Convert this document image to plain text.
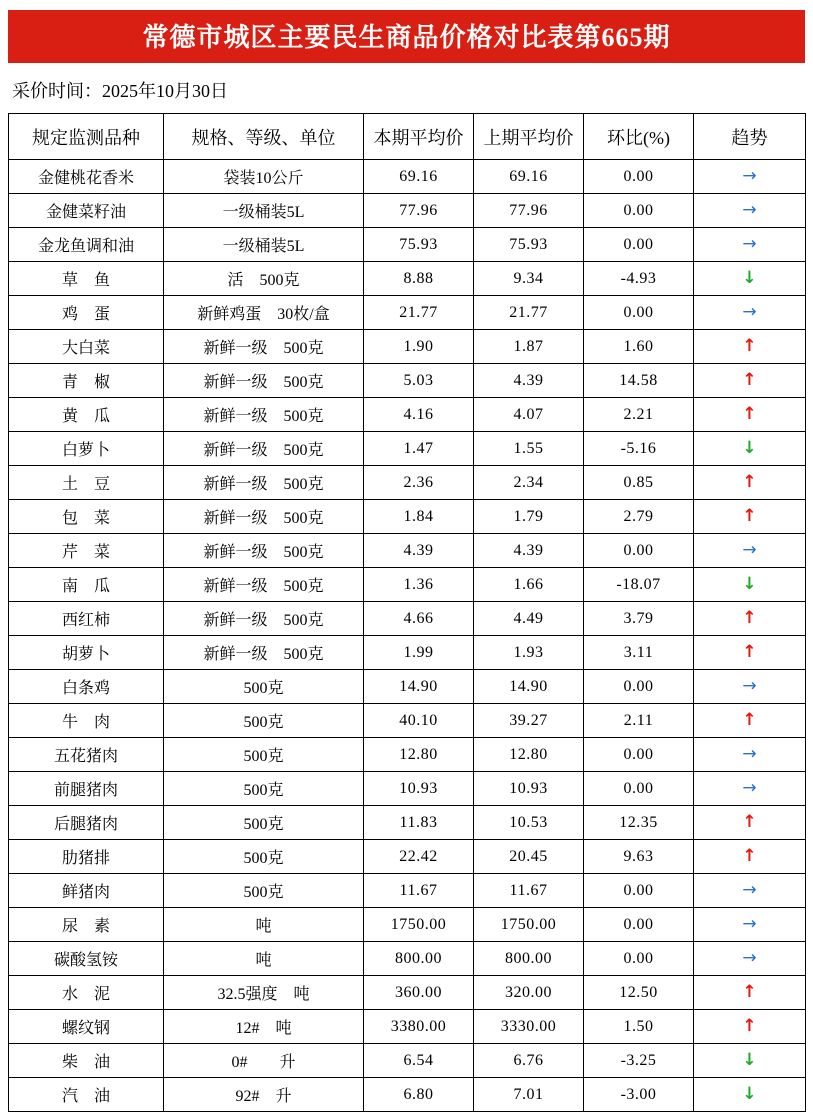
常德市城区主要民生商品价格对比表第665期
采价时间：2025年10月30日
规定监测品种	规格、等级、单位	本期平均价	上期平均价	环比(%)	趋势
金健桃花香米	袋装10公斤	69.16	69.16	0.00	→
金健菜籽油	一级桶装5L	77.96	77.96	0.00	→
金龙鱼调和油	一级桶装5L	75.93	75.93	0.00	→
草　鱼	活　500克	8.88	9.34	-4.93	↓
鸡　蛋	新鲜鸡蛋　30枚/盒	21.77	21.77	0.00	→
大白菜	新鲜一级　500克	1.90	1.87	1.60	↑
青　椒	新鲜一级　500克	5.03	4.39	14.58	↑
黄　瓜	新鲜一级　500克	4.16	4.07	2.21	↑
白萝卜	新鲜一级　500克	1.47	1.55	-5.16	↓
土　豆	新鲜一级　500克	2.36	2.34	0.85	↑
包　菜	新鲜一级　500克	1.84	1.79	2.79	↑
芹　菜	新鲜一级　500克	4.39	4.39	0.00	→
南　瓜	新鲜一级　500克	1.36	1.66	-18.07	↓
西红柿	新鲜一级　500克	4.66	4.49	3.79	↑
胡萝卜	新鲜一级　500克	1.99	1.93	3.11	↑
白条鸡	500克	14.90	14.90	0.00	→
牛　肉	500克	40.10	39.27	2.11	↑
五花猪肉	500克	12.80	12.80	0.00	→
前腿猪肉	500克	10.93	10.93	0.00	→
后腿猪肉	500克	11.83	10.53	12.35	↑
肋猪排	500克	22.42	20.45	9.63	↑
鲜猪肉	500克	11.67	11.67	0.00	→
尿　素	吨	1750.00	1750.00	0.00	→
碳酸氢铵	吨	800.00	800.00	0.00	→
水　泥	32.5强度　吨	360.00	320.00	12.50	↑
螺纹钢	12#　吨	3380.00	3330.00	1.50	↑
柴　油	0#　　升	6.54	6.76	-3.25	↓
汽　油	92#　升	6.80	7.01	-3.00	↓
